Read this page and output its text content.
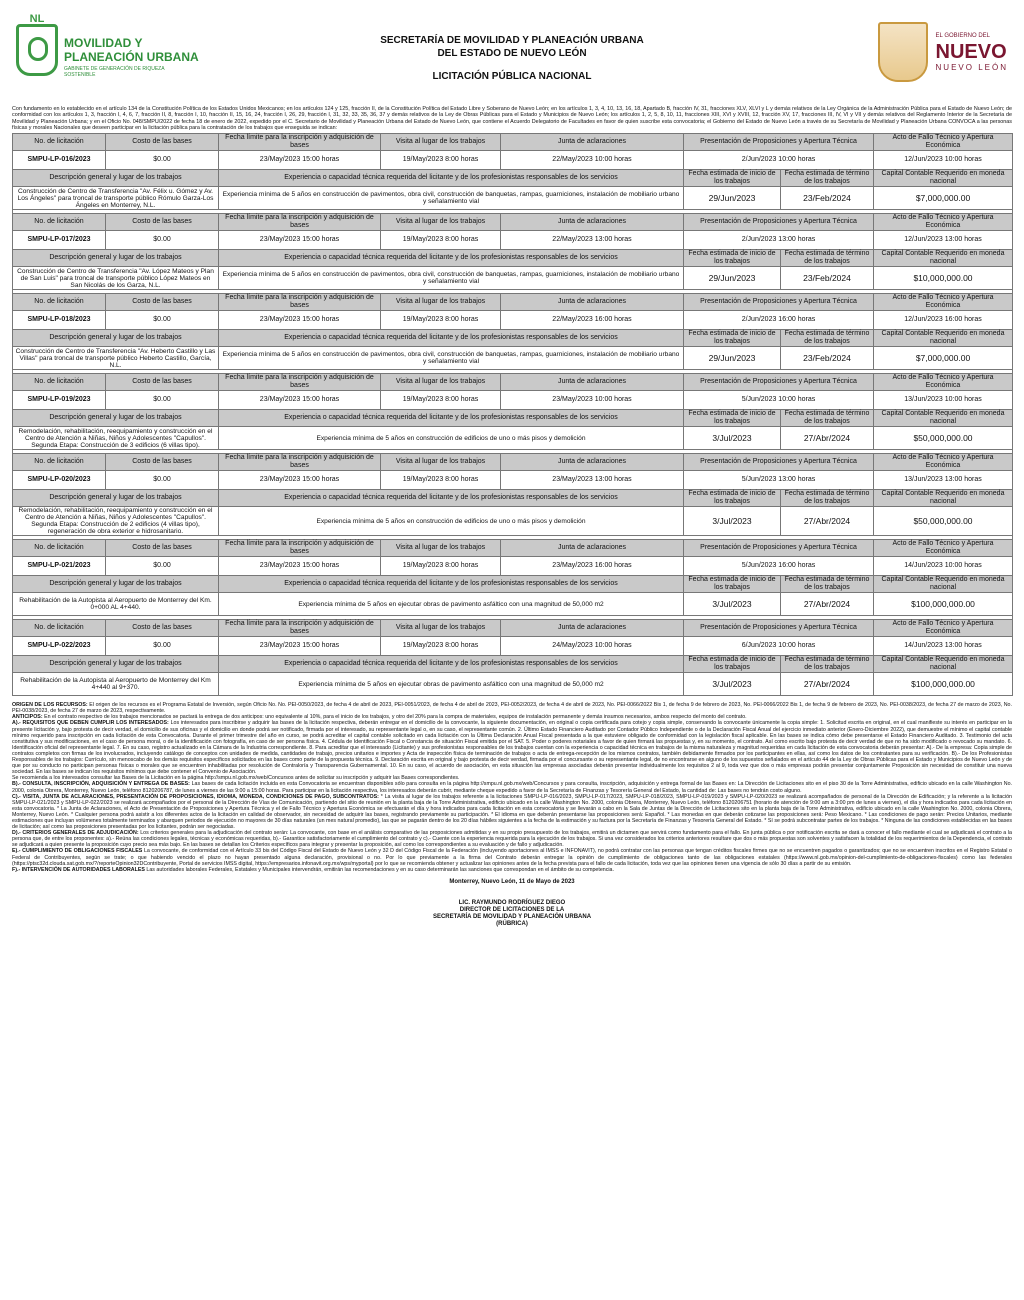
NL
MOVILIDAD Y
PLANEACIÓN URBANA
GABINETE DE GENERACIÓN DE RIQUEZA SOSTENIBLE
SECRETARÍA DE MOVILIDAD Y PLANEACIÓN URBANA
DEL ESTADO DE NUEVO LEÓN
LICITACIÓN PÚBLICA NACIONAL
EL GOBIERNO DEL
NUEVO
NUEVO LEÓN
Con fundamento en lo establecido en el artículo 134 de la Constitución Política de los Estados Unidos Mexicanos; en los artículos 124 y 125, fracción II, de la Constitución Política del Estado Libre y Soberano de Nuevo León; en los artículos 1, 3, 4, 10, 13, 16, 18, Apartado B, fracción IV, 31, fracciones XLV, XLVI y L y demás relativos de la Ley Orgánica de la Administración Pública para el Estado de Nuevo León; de conformidad con los artículos 1, 3, fracción I, 4, 6, 7, fracción II, 8, fracción I, 10, fracción II, 15, 16, 24, fracción I, 26, 29, fracción I, 31, 32, 33, 35, 36, 37 y demás relativos de la Ley de Obras Públicas para el Estado y Municipios de Nuevo León; los artículos 1, 2, 5, 8, 10, 11, fracciones XIII, XVI y XVIII, 12, fracción XV, 17, fracciones III, IV, VI y VII y demás relativos del Reglamento Interior de la Secretaría de Movilidad y Planeación Urbana; y en el Oficio No. 048/SMPU/2022 de fecha 18 de enero de 2022, expedido por el C. Secretario de Movilidad y Planeación Urbana del Estado de Nuevo León, que contiene el Acuerdo Delegatorio de Facultades en favor de quien suscribe esta convocatoria; el Gobierno del Estado de Nuevo León a través de su Secretaría de Movilidad y Planeación Urbana CONVOCA a las personas físicas y morales Nacionales que deseen participar en la licitación pública para la contratación de los trabajos que enseguida se indican:
No. de licitación	Costo de las bases	Fecha límite para la inscripción y adquisición de bases	Visita al lugar de los trabajos	Junta de aclaraciones	Presentación de Proposiciones y Apertura Técnica		Acto de Fallo Técnico y Apertura Económica
SMPU-LP-016/2023	$0.00	23/May/2023 15:00 horas	19/May/2023 8:00 horas	22/May/2023 10:00 horas	2/Jun/2023 10:00 horas		12/Jun/2023 10:00 horas
Descripción general y lugar de los trabajos		Experiencia o capacidad técnica requerida del licitante y de los profesionistas responsables de los servicios			Fecha estimada de inicio de los trabajos	Fecha estimada de término de los trabajos	Capital Contable Requerido en moneda nacional
Construcción de Centro de Transferencia "Av. Félix u. Gómez y Av. Los Ángeles" para troncal de transporte público Rómulo Garza-Los Ángeles en Monterrey, N.L.		Experiencia mínima de 5 años en construcción de pavimentos, obra civil, construcción de banquetas, rampas, guarniciones, instalación de mobiliario urbano y señalamiento vial			29/Jun/2023	23/Feb/2024	$7,000,000.00

No. de licitación	Costo de las bases	Fecha límite para la inscripción y adquisición de bases	Visita al lugar de los trabajos	Junta de aclaraciones	Presentación de Proposiciones y Apertura Técnica		Acto de Fallo Técnico y Apertura Económica
SMPU-LP-017/2023	$0.00	23/May/2023 15:00 horas	19/May/2023 8:00 horas	22/May/2023 13:00 horas	2/Jun/2023 13:00 horas		12/Jun/2023 13:00 horas
Descripción general y lugar de los trabajos		Experiencia o capacidad técnica requerida del licitante y de los profesionistas responsables de los servicios			Fecha estimada de inicio de los trabajos	Fecha estimada de término de los trabajos	Capital Contable Requerido en moneda nacional
Construcción de Centro de Transferencia "Av. López Mateos y Plan de San Luis" para troncal de transporte público López Mateos en San Nicolás de los Garza, N.L.		Experiencia mínima de 5 años en construcción de pavimentos, obra civil, construcción de banquetas, rampas, guarniciones, instalación de mobiliario urbano y señalamiento vial			29/Jun/2023	23/Feb/2024	$10,000,000.00

No. de licitación	Costo de las bases	Fecha límite para la inscripción y adquisición de bases	Visita al lugar de los trabajos	Junta de aclaraciones	Presentación de Proposiciones y Apertura Técnica		Acto de Fallo Técnico y Apertura Económica
SMPU-LP-018/2023	$0.00	23/May/2023 15:00 horas	19/May/2023 8:00 horas	22/May/2023 16:00 horas	2/Jun/2023 16:00 horas		12/Jun/2023 16:00 horas
Descripción general y lugar de los trabajos		Experiencia o capacidad técnica requerida del licitante y de los profesionistas responsables de los servicios			Fecha estimada de inicio de los trabajos	Fecha estimada de término de los trabajos	Capital Contable Requerido en moneda nacional
Construcción de Centro de Transferencia "Av. Heberto Castillo y Las Villas" para troncal de transporte público Heberto Castillo, García, N.L.		Experiencia mínima de 5 años en construcción de pavimentos, obra civil, construcción de banquetas, rampas, guarniciones, instalación de mobiliario urbano y señalamiento vial			29/Jun/2023	23/Feb/2024	$7,000,000.00

No. de licitación	Costo de las bases	Fecha límite para la inscripción y adquisición de bases	Visita al lugar de los trabajos	Junta de aclaraciones	Presentación de Proposiciones y Apertura Técnica		Acto de Fallo Técnico y Apertura Económica
SMPU-LP-019/2023	$0.00	23/May/2023 15:00 horas	19/May/2023 8:00 horas	23/May/2023 10:00 horas	5/Jun/2023 10:00 horas		13/Jun/2023 10:00 horas
Descripción general y lugar de los trabajos		Experiencia o capacidad técnica requerida del licitante y de los profesionistas responsables de los servicios			Fecha estimada de inicio de los trabajos	Fecha estimada de término de los trabajos	Capital Contable Requerido en moneda nacional
Remodelación, rehabilitación, reequipamiento y construcción en el Centro de Atención a Niñas, Niños y Adolescentes "Capullos". Segunda Etapa: Construcción de 3 edificios (6 villas tipo).		Experiencia mínima de 5 años en construcción de edificios de uno o más pisos y demolición			3/Jul/2023	27/Abr/2024	$50,000,000.00

No. de licitación	Costo de las bases	Fecha límite para la inscripción y adquisición de bases	Visita al lugar de los trabajos	Junta de aclaraciones	Presentación de Proposiciones y Apertura Técnica		Acto de Fallo Técnico y Apertura Económica
SMPU-LP-020/2023	$0.00	23/May/2023 15:00 horas	19/May/2023 8:00 horas	23/May/2023 13:00 horas	5/Jun/2023 13:00 horas		13/Jun/2023 13:00 horas
Descripción general y lugar de los trabajos		Experiencia o capacidad técnica requerida del licitante y de los profesionistas responsables de los servicios			Fecha estimada de inicio de los trabajos	Fecha estimada de término de los trabajos	Capital Contable Requerido en moneda nacional
Remodelación, rehabilitación, reequipamiento y construcción en el Centro de Atención a Niñas, Niños y Adolescentes "Capullos". Segunda Etapa: Construcción de 2 edificios (4 villas tipo), regeneración de obra exterior e hidrosanitario.		Experiencia mínima de 5 años en construcción de edificios de uno o más pisos y demolición			3/Jul/2023	27/Abr/2024	$50,000,000.00

No. de licitación	Costo de las bases	Fecha límite para la inscripción y adquisición de bases	Visita al lugar de los trabajos	Junta de aclaraciones	Presentación de Proposiciones y Apertura Técnica		Acto de Fallo Técnico y Apertura Económica
SMPU-LP-021/2023	$0.00	23/May/2023 15:00 horas	19/May/2023 8:00 horas	23/May/2023 16:00 horas	5/Jun/2023 16:00 horas		14/Jun/2023 10:00 horas
Descripción general y lugar de los trabajos		Experiencia o capacidad técnica requerida del licitante y de los profesionistas responsables de los servicios			Fecha estimada de inicio de los trabajos	Fecha estimada de término de los trabajos	Capital Contable Requerido en moneda nacional
Rehabilitación de la Autopista al Aeropuerto de Monterrey del Km. 0+000 AL 4+440.		Experiencia mínima de 5 años en ejecutar obras de pavimento asfáltico con una magnitud de 50,000 m2			3/Jul/2023	27/Abr/2024	$100,000,000.00

No. de licitación	Costo de las bases	Fecha límite para la inscripción y adquisición de bases	Visita al lugar de los trabajos	Junta de aclaraciones	Presentación de Proposiciones y Apertura Técnica		Acto de Fallo Técnico y Apertura Económica
SMPU-LP-022/2023	$0.00	23/May/2023 15:00 horas	19/May/2023 8:00 horas	24/May/2023 10:00 horas	6/Jun/2023 10:00 horas		14/Jun/2023 13:00 horas
Descripción general y lugar de los trabajos		Experiencia o capacidad técnica requerida del licitante y de los profesionistas responsables de los servicios			Fecha estimada de inicio de los trabajos	Fecha estimada de término de los trabajos	Capital Contable Requerido en moneda nacional
Rehabilitación de la Autopista al Aeropuerto de Monterrey del Km 4+440 al 9+370.		Experiencia mínima de 5 años en ejecutar obras de pavimento asfáltico con una magnitud de 50,000 m2			3/Jul/2023	27/Abr/2024	$100,000,000.00

ORIGEN DE LOS RECURSOS: El origen de los recursos es el Programa Estatal de Inversión, según Oficio No. No. PEI-0050/2023, de fecha 4 de abril de 2023, PEI-0051/2023, de fecha 4 de abril de 2023, PEI-0052/2023, de fecha 4 de abril de 2023, No. PEI-0066/2022 Bis 1, de fecha 9 de febrero de 2023, No. PEI-0066/2022 Bis 1, de fecha 9 de febrero de 2023, No. PEI-0038/2023, de fecha 27 de marzo de 2023, No. PEI-0038/2023, de fecha 27 de marzo de 2023, respectivamente.

ANTICIPOS: En el contrato respectivo de los trabajos mencionados se pactará la entrega de dos anticipos: uno equivalente al 10%, para el inicio de los trabajos, y otro del 20% para la compra de materiales, equipos de instalación permanente y demás insumos necesarios, ambos respecto del monto del contrato.

A).- REQUISITOS QUE DEBEN CUMPLIR LOS INTERESADOS: Los interesados para inscribirse y adquirir las bases de la licitación respectiva, deberán entregar en el domicilio de la convocante, la siguiente documentación, en original o copia certificada para cotejo y copia simple, conservando la convocante únicamente la copia simple: 1. Solicitud escrita en original, en el cual manifieste su interés en participar en la presente licitación y, bajo protesta de decir verdad, el domicilio de sus oficinas y el domicilio en donde podrá ser notificado, firmada por el interesado, su representante legal o, en su caso, el representante común. 2. Último Estado Financiero Auditado por Contador Público Independiente o de la Declaración Fiscal Anual del ejercicio inmediato anterior (Enero-Diciembre 2022), que demuestre el mínimo el capital contable mínimo requerido para inscripción en cada licitación de esta Convocatoria. Durante el primer trimestre del año en curso, se podrá acreditar el capital contable solicitado en cada licitación con la Última Declaración Anual Fiscal presentada a la que estuviere obligado de conformidad con la legislación fiscal aplicable. En las bases se indica cómo debe presentarse el Estado Financiero Auditado. 3. Testimonio del acta constitutiva y sus modificaciones, en el caso de persona moral, o de la identificación con fotografía, en caso de ser persona física. 4. Cédula de Identificación Fiscal o Constancia de situación Fiscal emitida por el SAT. 5. Poder o poderes notariales a favor de quien firmará las propuestas y, en su momento, el contrato. Así como escrito bajo protesta de decir verdad de que no ha sido modificado o revocado su mandato. 6. Identificación oficial del representante legal. 7. En su caso, registro actualizado en la Cámara de la Industria correspondiente. 8. Para acreditar que el interesado (Licitante) y sus profesionistas responsables de los trabajos cuentan con la experiencia o capacidad técnica en trabajos de la misma naturaleza y magnitud requeridas en cada licitación de esta convocatoria deberán presentar: A).- De la empresa: Copia simple de contratos completos con firmas de los involucrados, incluyendo catálogo de conceptos con unidades de medida, cantidades de trabajo, precios unitarios e importes y Acta de inspección física de terminación de trabajos o acta de entrega-recepción de los mismos contratos, también debidamente firmados por los participantes en ellas, así como los datos de los contratantes para su verificación. B).- De los Profesionistas Responsables de los trabajos: Currículo, sin menoscabo de los demás requisitos específicos solicitados en las bases como parte de la propuesta técnica. 9. Declaración escrita en original y bajo protesta de decir verdad, firmada por el concursante o su representante legal, de no encontrarse en alguno de los supuestos señalados en el artículo 44 de la Ley de Obras Públicas para el Estado y Municipios de Nuevo León y de que por su conducto no participan personas físicas o morales que se encuentren inhabilitadas por resolución de Contraloría y Transparencia Gubernamental. 10. En su caso, el acuerdo de asociación, en esta situación las empresas asociadas deberán presentar individualmente los requisitos 2 al 9, toda vez que dos o más empresas podrán presentar conjuntamente Proposición sin necesidad de constituir una nueva sociedad. En las bases se indican los requisitos mínimos que debe contener el Convenio de Asociación.

Se recomienda a los interesados consultar las Bases de la Licitación en la página http://smpu.nl.gob.mx/web/Concursos antes de solicitar su inscripción y adquirir las Bases correspondientes.

B).- CONSULTA, INSCRIPCIÓN, ADQUISICIÓN Y ENTREGA DE BASES: Las bases de cada licitación incluida en esta Convocatoria se encuentran disponibles sólo para consulta en la página http://smpu.nl.gob.mx/web/Concursos y para consulta, inscripción, adquisición y entrega formal de las Bases en: La Dirección de Licitaciones sito en el piso 30 de la Torre Administrativa, edificio ubicado en la calle Washington No. 2000, colonia Obrera, Monterrey, Nuevo León, teléfono 8120206787, de lunes a viernes de las 9:00 a 15:00 horas. Para participar en la licitación respectiva, los interesados deberán cubrir, mediante cheque expedido a favor de la Secretaría de Finanzas y Tesorería General del Estado, la cantidad de: Las bases no tendrán costo alguno.

C).- VISITA, JUNTA DE ACLARACIONES, PRESENTACIÓN DE PROPOSICIONES, IDIOMA, MONEDA, CONDICIONES DE PAGO, SUBCONTRATOS: * La visita al lugar de los trabajos referente a la licitaciones SMPU-LP-016/2023, SMPU-LP-017/2023, SMPU-LP-018/2023, SMPU-LP-019/2023 y SMPU-LP-020/2023 se realizará acompañados de personal de la Dirección de Edificación; y la referente a la licitación SMPU-LP-021/2023 y SMPU-LP-022/2023 se realizará acompañados por el personal de la Dirección de Vías de Comunicación, partiendo del sitio de reunión en la planta baja de la Torre Administrativa, edificio ubicado en la calle Washington No. 2000, colonia Obrera, Monterrey, Nuevo León, teléfono 8120206751 (horario de atención de 9:00 am a 3:00 pm de lunes a viernes), el día y hora indicados para cada licitación en esta convocatoria. * La Junta de Aclaraciones, el Acto de Presentación de Proposiciones y Apertura Técnica y el de Fallo Técnico y Apertura Económica se efectuarán el día y hora indicados para cada licitación en esta convocatoria y se llevarán a cabo en la Sala de Juntas de la Dirección de Licitaciones sito en la planta baja de la Torre Administrativa, edificio ubicado en la calle Washington No. 2000, colonia Obrera, Monterrey, Nuevo León. * Cualquier persona podrá asistir a los diferentes actos de la licitación en calidad de observador, sin necesidad de adquirir las bases, registrando previamente su participación. * El idioma en que deberán presentarse las proposiciones será: Español. * Las monedas en que deberán cotizarse las proposiciones será: Peso Mexicano. * Las condiciones de pago serán: Precios Unitarios, mediante estimaciones que incluyan volúmenes totalmente terminados y abarquen periodos de ejecución no mayores de 30 días naturales (un mes natural promedio), las que se pagarán dentro de los 20 días hábiles siguientes a la fecha de la estimación y su factura por la Secretaría de Finanzas y Tesorería General del Estado. * Sí se podrá subcontratar partes de los trabajos. * Ninguna de las condiciones establecidas en las bases de licitación; así como las proposiciones presentadas por los licitantes, podrán ser negociadas.

D).- CRITERIOS GENERALES DE ADJUDICACIÓN: Los criterios generales para la adjudicación del contrato serán: La convocante, con base en el análisis comparativo de las proposiciones admitidas y en su propio presupuesto de los trabajos, emitirá un dictamen que servirá como fundamento para el fallo. En junta pública o por notificación escrita se dará a conocer el fallo mediante el cual se adjudicará el contrato a la persona que, de entre los proponentes: a).- Reúna las condiciones legales, técnicas y económicas requeridas, b).- Garantice satisfactoriamente el cumplimiento del contrato y c).- Cuente con la experiencia requerida para la ejecución de los trabajos. Si una vez considerados los criterios anteriores resultare que dos o más propuestas son solventes y satisfacen la totalidad de los requerimientos de la Dependencia, el contrato se adjudicará a quien presente la proposición cuyo precio sea más bajo. En las bases se detallan los Criterios específicos para integrar y presentar la proposición, así como los correspondientes a su evaluación y de fallo y adjudicación.

E).- CUMPLIMIENTO DE OBLIGACIONES FISCALES La convocante, de conformidad con el Artículo 33 bis del Código Fiscal del Estado de Nuevo León y 32 D del Código Fiscal de la Federación (incluyendo aportaciones al IMSS e INFONAVIT), no podrá contratar con las personas que tengan créditos fiscales firmes que no se encuentren pagados o garantizados; que no se encuentren inscritos en el Registro Estatal o Federal de Contribuyentes, según se trate; o que habiendo vencido el plazo no hayan presentado alguna declaración, provisional o no. Por lo que previamente a la firma del Contrato deberán entregar la opinión de cumplimiento de obligaciones tanto de las obligaciones estatales (https://www.nl.gob.mx/opinion-del-cumplimiento-de-obligaciones-fiscales) como las federales (https://ptsc32d.clouda.sat.gob.mx/?/reporteOpinion32DContribuyente, Portal de servicios IMSS digital, https://empresarios.infonavit.org.mx/wps/myportal) por lo que se recomienda obtener y actualizar las opiniones antes de la fecha prevista para el fallo de cada licitación, toda vez que las opiniones tienen una vigencia de sólo 30 días a partir de su emisión.

F).- INTERVENCIÓN DE AUTORIDADES LABORALES Las autoridades laborales Federales, Estatales y Municipales intervendrán, emitirán las recomendaciones y en su caso determinarán las sanciones que correspondan en el ámbito de su competencia.

Monterrey, Nuevo León, 11 de Mayo de 2023
LIC. RAYMUNDO RODRÍGUEZ DIEGO
DIRECTOR DE LICITACIONES DE LA
SECRETARÍA DE MOVILIDAD Y PLANEACIÓN URBANA
(RÚBRICA)
